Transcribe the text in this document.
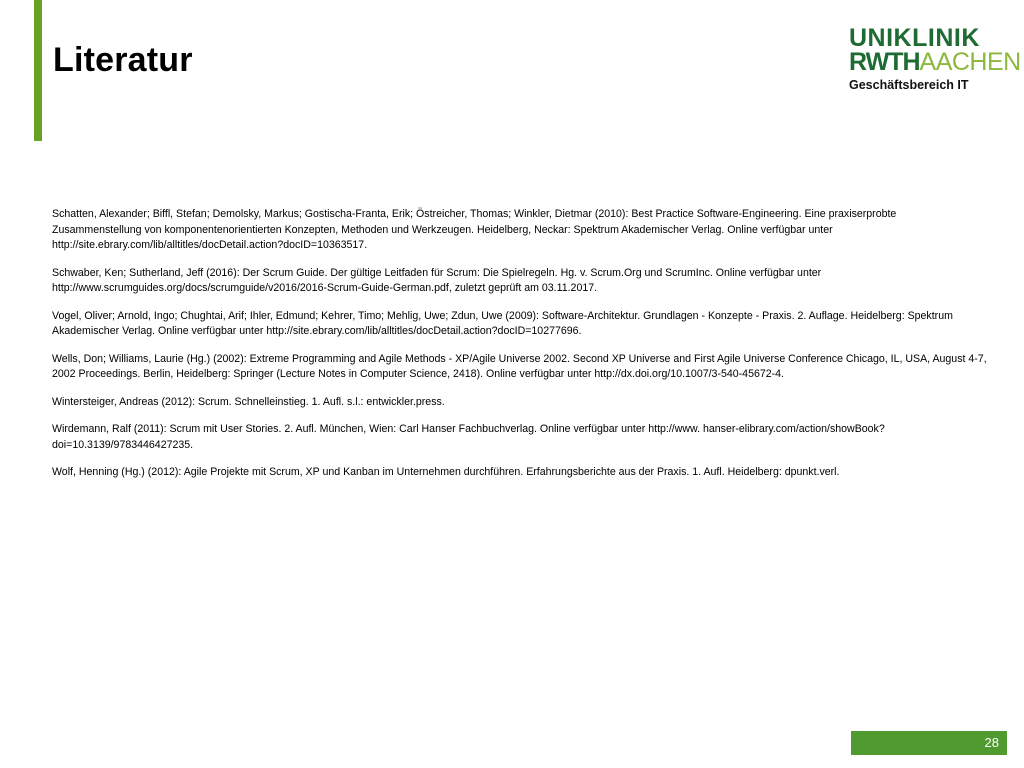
Literatur
UNIKLINIK
RWTHAACHEN
Geschäftsbereich IT
Schatten, Alexander; Biffl, Stefan; Demolsky, Markus; Gostischa-Franta, Erik; Östreicher, Thomas; Winkler, Dietmar (2010): Best Practice Software-Engineering. Eine praxiserprobte Zusammenstellung von komponentenorientierten Konzepten, Methoden und Werkzeugen. Heidelberg, Neckar: Spektrum Akademischer Verlag. Online verfügbar unter http://site.ebrary.com/lib/alltitles/docDetail.action?docID=10363517.
Schwaber, Ken; Sutherland, Jeff (2016): Der Scrum Guide. Der gültige Leitfaden für Scrum: Die Spielregeln. Hg. v. Scrum.Org und ScrumInc. Online verfügbar unter http://www.scrumguides.org/docs/scrumguide/v2016/2016-Scrum-Guide-German.pdf, zuletzt geprüft am 03.11.2017.
Vogel, Oliver; Arnold, Ingo; Chughtai, Arif; Ihler, Edmund; Kehrer, Timo; Mehlig, Uwe; Zdun, Uwe (2009): Software-Architektur. Grundlagen - Konzepte - Praxis. 2. Auflage. Heidelberg: Spektrum Akademischer Verlag. Online verfügbar unter http://site.ebrary.com/lib/alltitles/docDetail.action?docID=10277696.
Wells, Don; Williams, Laurie (Hg.) (2002): Extreme Programming and Agile Methods - XP/Agile Universe 2002. Second XP Universe and First Agile Universe Conference Chicago, IL, USA, August 4-7, 2002 Proceedings. Berlin, Heidelberg: Springer (Lecture Notes in Computer Science, 2418). Online verfügbar unter http://dx.doi.org/10.1007/3-540-45672-4.
Wintersteiger, Andreas (2012): Scrum. Schnelleinstieg. 1. Aufl. s.l.: entwickler.press.
Wirdemann, Ralf (2011): Scrum mit User Stories. 2. Aufl. München, Wien: Carl Hanser Fachbuchverlag. Online verfügbar unter http://www. hanser-elibrary.com/action/showBook?doi=10.3139/9783446427235.
Wolf, Henning (Hg.) (2012): Agile Projekte mit Scrum, XP und Kanban im Unternehmen durchführen. Erfahrungsberichte aus der Praxis. 1. Aufl. Heidelberg: dpunkt.verl.
28
